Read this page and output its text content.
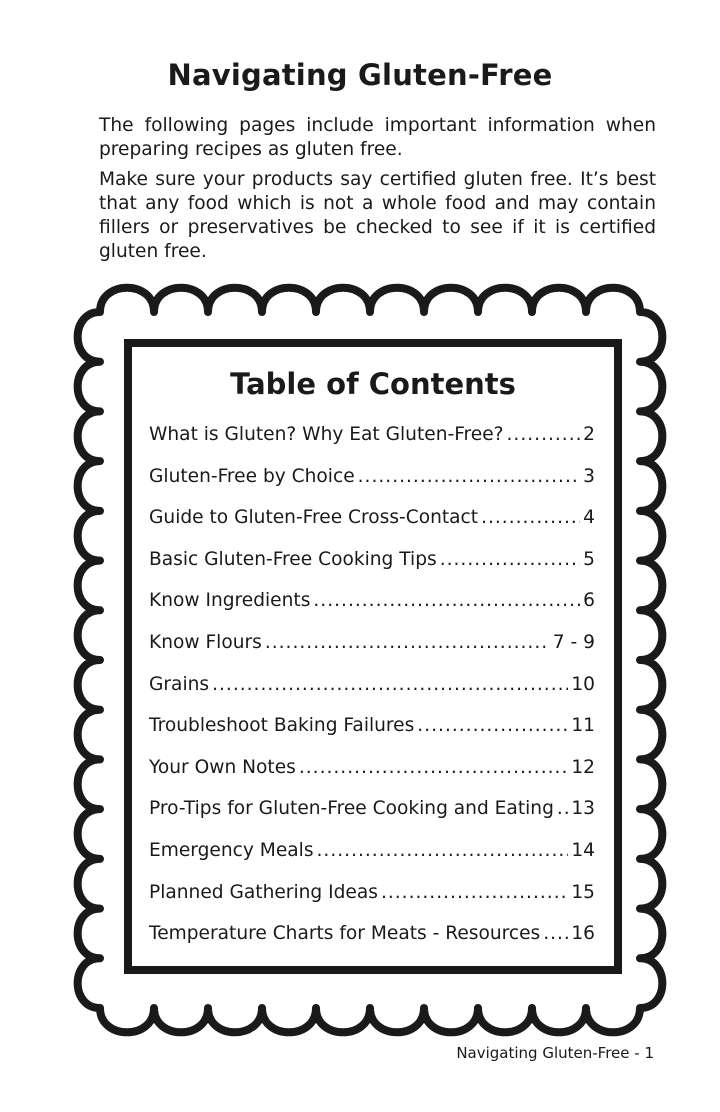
Navigating Gluten-Free

The following pages include important information when preparing recipes as gluten free.

Make sure your products say certified gluten free. It’s best that any food which is not a whole food and may contain fillers or preservatives be checked to see if it is certified gluten free.

Table of Contents
What is Gluten? Why Eat Gluten-Free? .....	2
Gluten-Free by Choice .....	3
Guide to Gluten-Free Cross-Contact .....	4
Basic Gluten-Free Cooking Tips .....	5
Know Ingredients .....	6
Know Flours .....	7 - 9
Grains .....	10
Troubleshoot Baking Failures .....	11
Your Own Notes .....	12
Pro-Tips for Gluten-Free Cooking and Eating ..... 13
Emergency Meals .....	14
Planned Gathering Ideas .....	15
Temperature Charts for Meats - Resources ..... 16

Navigating Gluten-Free - 1
